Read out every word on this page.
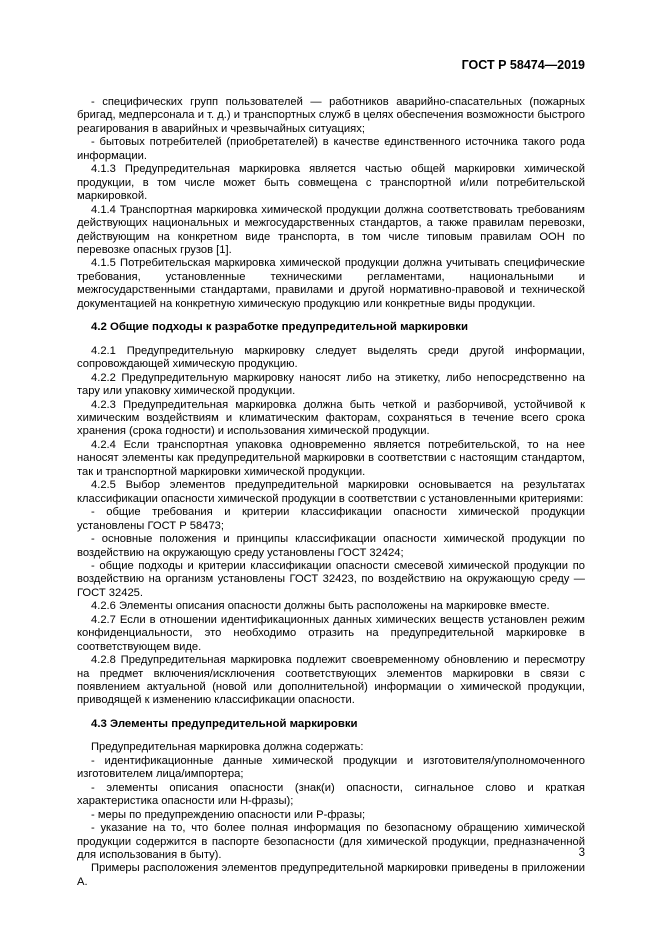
ГОСТ Р 58474—2019

- специфических групп пользователей — работников аварийно-спасательных (пожарных бригад, медперсонала и т. д.) и транспортных служб в целях обеспечения возможности быстрого реагирования в аварийных и чрезвычайных ситуациях;

- бытовых потребителей (приобретателей) в качестве единственного источника такого рода информации.

4.1.3 Предупредительная маркировка является частью общей маркировки химической продукции, в том числе может быть совмещена с транспортной и/или потребительской маркировкой.

4.1.4 Транспортная маркировка химической продукции должна соответствовать требованиям действующих национальных и межгосударственных стандартов, а также правилам перевозки, действующим на конкретном виде транспорта, в том числе типовым правилам ООН по перевозке опасных грузов [1].

4.1.5 Потребительская маркировка химической продукции должна учитывать специфические требования, установленные техническими регламентами, национальными и межгосударственными стандартами, правилами и другой нормативно-правовой и технической документацией на конкретную химическую продукцию или конкретные виды продукции.

4.2 Общие подходы к разработке предупредительной маркировки

4.2.1 Предупредительную маркировку следует выделять среди другой информации, сопровождающей химическую продукцию.

4.2.2 Предупредительную маркировку наносят либо на этикетку, либо непосредственно на тару или упаковку химической продукции.

4.2.3 Предупредительная маркировка должна быть четкой и разборчивой, устойчивой к химическим воздействиям и климатическим факторам, сохраняться в течение всего срока хранения (срока годности) и использования химической продукции.

4.2.4 Если транспортная упаковка одновременно является потребительской, то на нее наносят элементы как предупредительной маркировки в соответствии с настоящим стандартом, так и транспортной маркировки химической продукции.

4.2.5 Выбор элементов предупредительной маркировки основывается на результатах классификации опасности химической продукции в соответствии с установленными критериями:

- общие требования и критерии классификации опасности химической продукции установлены ГОСТ Р 58473;

- основные положения и принципы классификации опасности химической продукции по воздействию на окружающую среду установлены ГОСТ 32424;

- общие подходы и критерии классификации опасности смесевой химической продукции по воздействию на организм установлены ГОСТ 32423, по воздействию на окружающую среду — ГОСТ 32425.

4.2.6 Элементы описания опасности должны быть расположены на маркировке вместе.

4.2.7 Если в отношении идентификационных данных химических веществ установлен режим конфиденциальности, это необходимо отразить на предупредительной маркировке в соответствующем виде.

4.2.8 Предупредительная маркировка подлежит своевременному обновлению и пересмотру на предмет включения/исключения соответствующих элементов маркировки в связи с появлением актуальной (новой или дополнительной) информации о химической продукции, приводящей к изменению классификации опасности.

4.3 Элементы предупредительной маркировки

Предупредительная маркировка должна содержать:

- идентификационные данные химической продукции и изготовителя/уполномоченного изготовителем лица/импортера;

- элементы описания опасности (знак(и) опасности, сигнальное слово и краткая характеристика опасности или Н-фразы);

- меры по предупреждению опасности или Р-фразы;

- указание на то, что более полная информация по безопасному обращению химической продукции содержится в паспорте безопасности (для химической продукции, предназначенной для использования в быту).

Примеры расположения элементов предупредительной маркировки приведены в приложении А.

3
